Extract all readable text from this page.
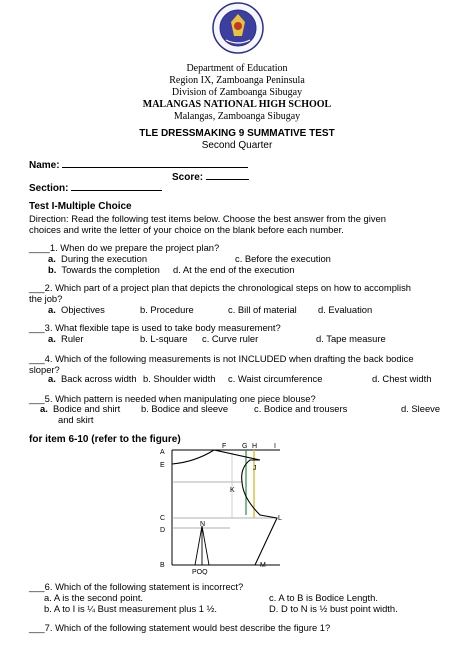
Department of Education
Region IX, Zamboanga Peninsula
Division of Zamboanga Sibugay
MALANGAS NATIONAL HIGH SCHOOL
Malangas, Zamboanga Sibugay
TLE DRESSMAKING 9 SUMMATIVE TEST
Second Quarter
Name:
Score:
Section:
Test I-Multiple Choice
Direction: Read the following test items below. Choose the best answer from the given
choices and write the letter of your choice on the blank before each number.
____1. When do we prepare the project plan?
a. During the execution	c. Before the execution
b. Towards the completion d. At the end of the execution
___2. Which part of a project plan that depicts the chronological steps on how to accomplish
the job?
a. Objectives	b. Procedure	c. Bill of material d. Evaluation
___3. What flexible tape is used to take body measurement?
a. Ruler	b. L-square c. Curve ruler	d. Tape measure
___4. Which of the following measurements is not INCLUDED when drafting the back bodice
sloper?
a. Back across width b. Shoulder width c. Waist circumference	d. Chest width
___5. Which pattern is needed when manipulating one piece blouse?
a. Bodice and shirt b. Bodice and sleeve	c. Bodice and trousers	d. Sleeve
and skirt
for item 6-10 (refer to the figure)
F G H I
A
J
K
E
C
D
N
L
B
POQ
M
___6. Which of the following statement is incorrect?
a. A is the second point.	c. A to B is Bodice Length.
b. A to I is ¼ Bust measurement plus 1 ½.	D. D to N is ½ bust point width.
___7. Which of the following statement would best describe the figure 1?
